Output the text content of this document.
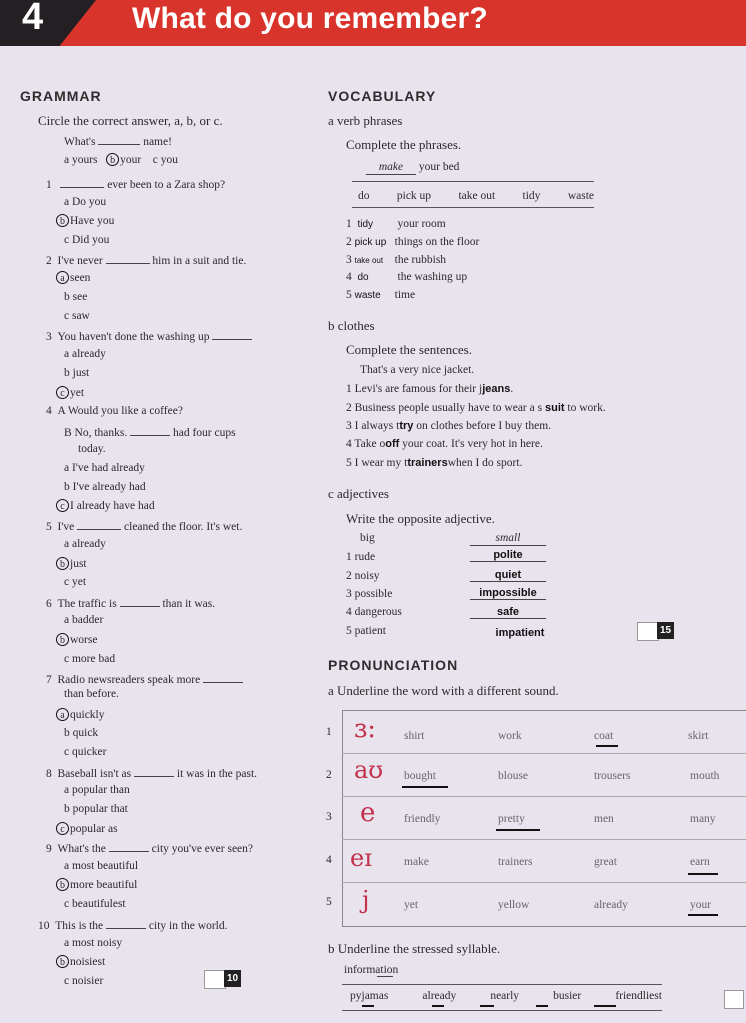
4	What do you remember?
GRAMMAR
Circle the correct answer, a, b, or c.
What's	name!
a yours b your c you
1	ever been to a Zara shop?
a Do you
b Have you
c Did you
2 I've never	him in a suit and tie.
a seen
b see
c saw
3 You haven't done the washing up
a already
b just
c yet
4 A Would you like a coffee?
B No, thanks.	had four cups
today.
a I've had already
b I've already had
c I already have had
5 I've	cleaned the floor. It's wet.
a already
b just
c yet
6 The traffic is	than it was.
a badder
b worse
c more bad
7 Radio newsreaders speak more
than before.
a quickly
b quick
c quicker
8 Baseball isn't as	it was in the past.
a popular than
b popular that
c popular as
9 What's the	city you've ever seen?
a most beautiful
b more beautiful
c beautifulest
10 This is the	city in the world.
a most noisy
b noisiest
c noisier	10
VOCABULARY
a verb phrases
Complete the phrases.
make your bed
do pick up take out tidy waste
1 tidy your room
2 pick up things on the floor
3 take out the rubbish
4 do	the washing up
5 waste time
b clothes
Complete the sentences.
That's a very nice jacket.
1 Levi's are famous for their jjeans.
2 Business people usually have to wear a s suit to work.
3 I always ttry on clothes before I buy them.
4 Take ooff your coat. It's very hot in here.
5 I wear my ttrainerswhen I do sport.
c adjectives
Write the opposite adjective.
big	small
1 rude	polite
2 noisy	quiet
3 possible	impossible
4 dangerous	safe
5 patient	impatient	15
PRONUNCIATION
a Underline the word with a different sound.
1 ɜ: shirt	work	coat	skirt
2 aʊ bought	blouse	trousers	mouth
3 e friendly	pretty	men	many
4 eɪ	make	trainers	great	earn
5 j	yet	yellow	already	your
b Underline the stressed syllable.
information
pyjamas	already	nearly	busier	friendliest
